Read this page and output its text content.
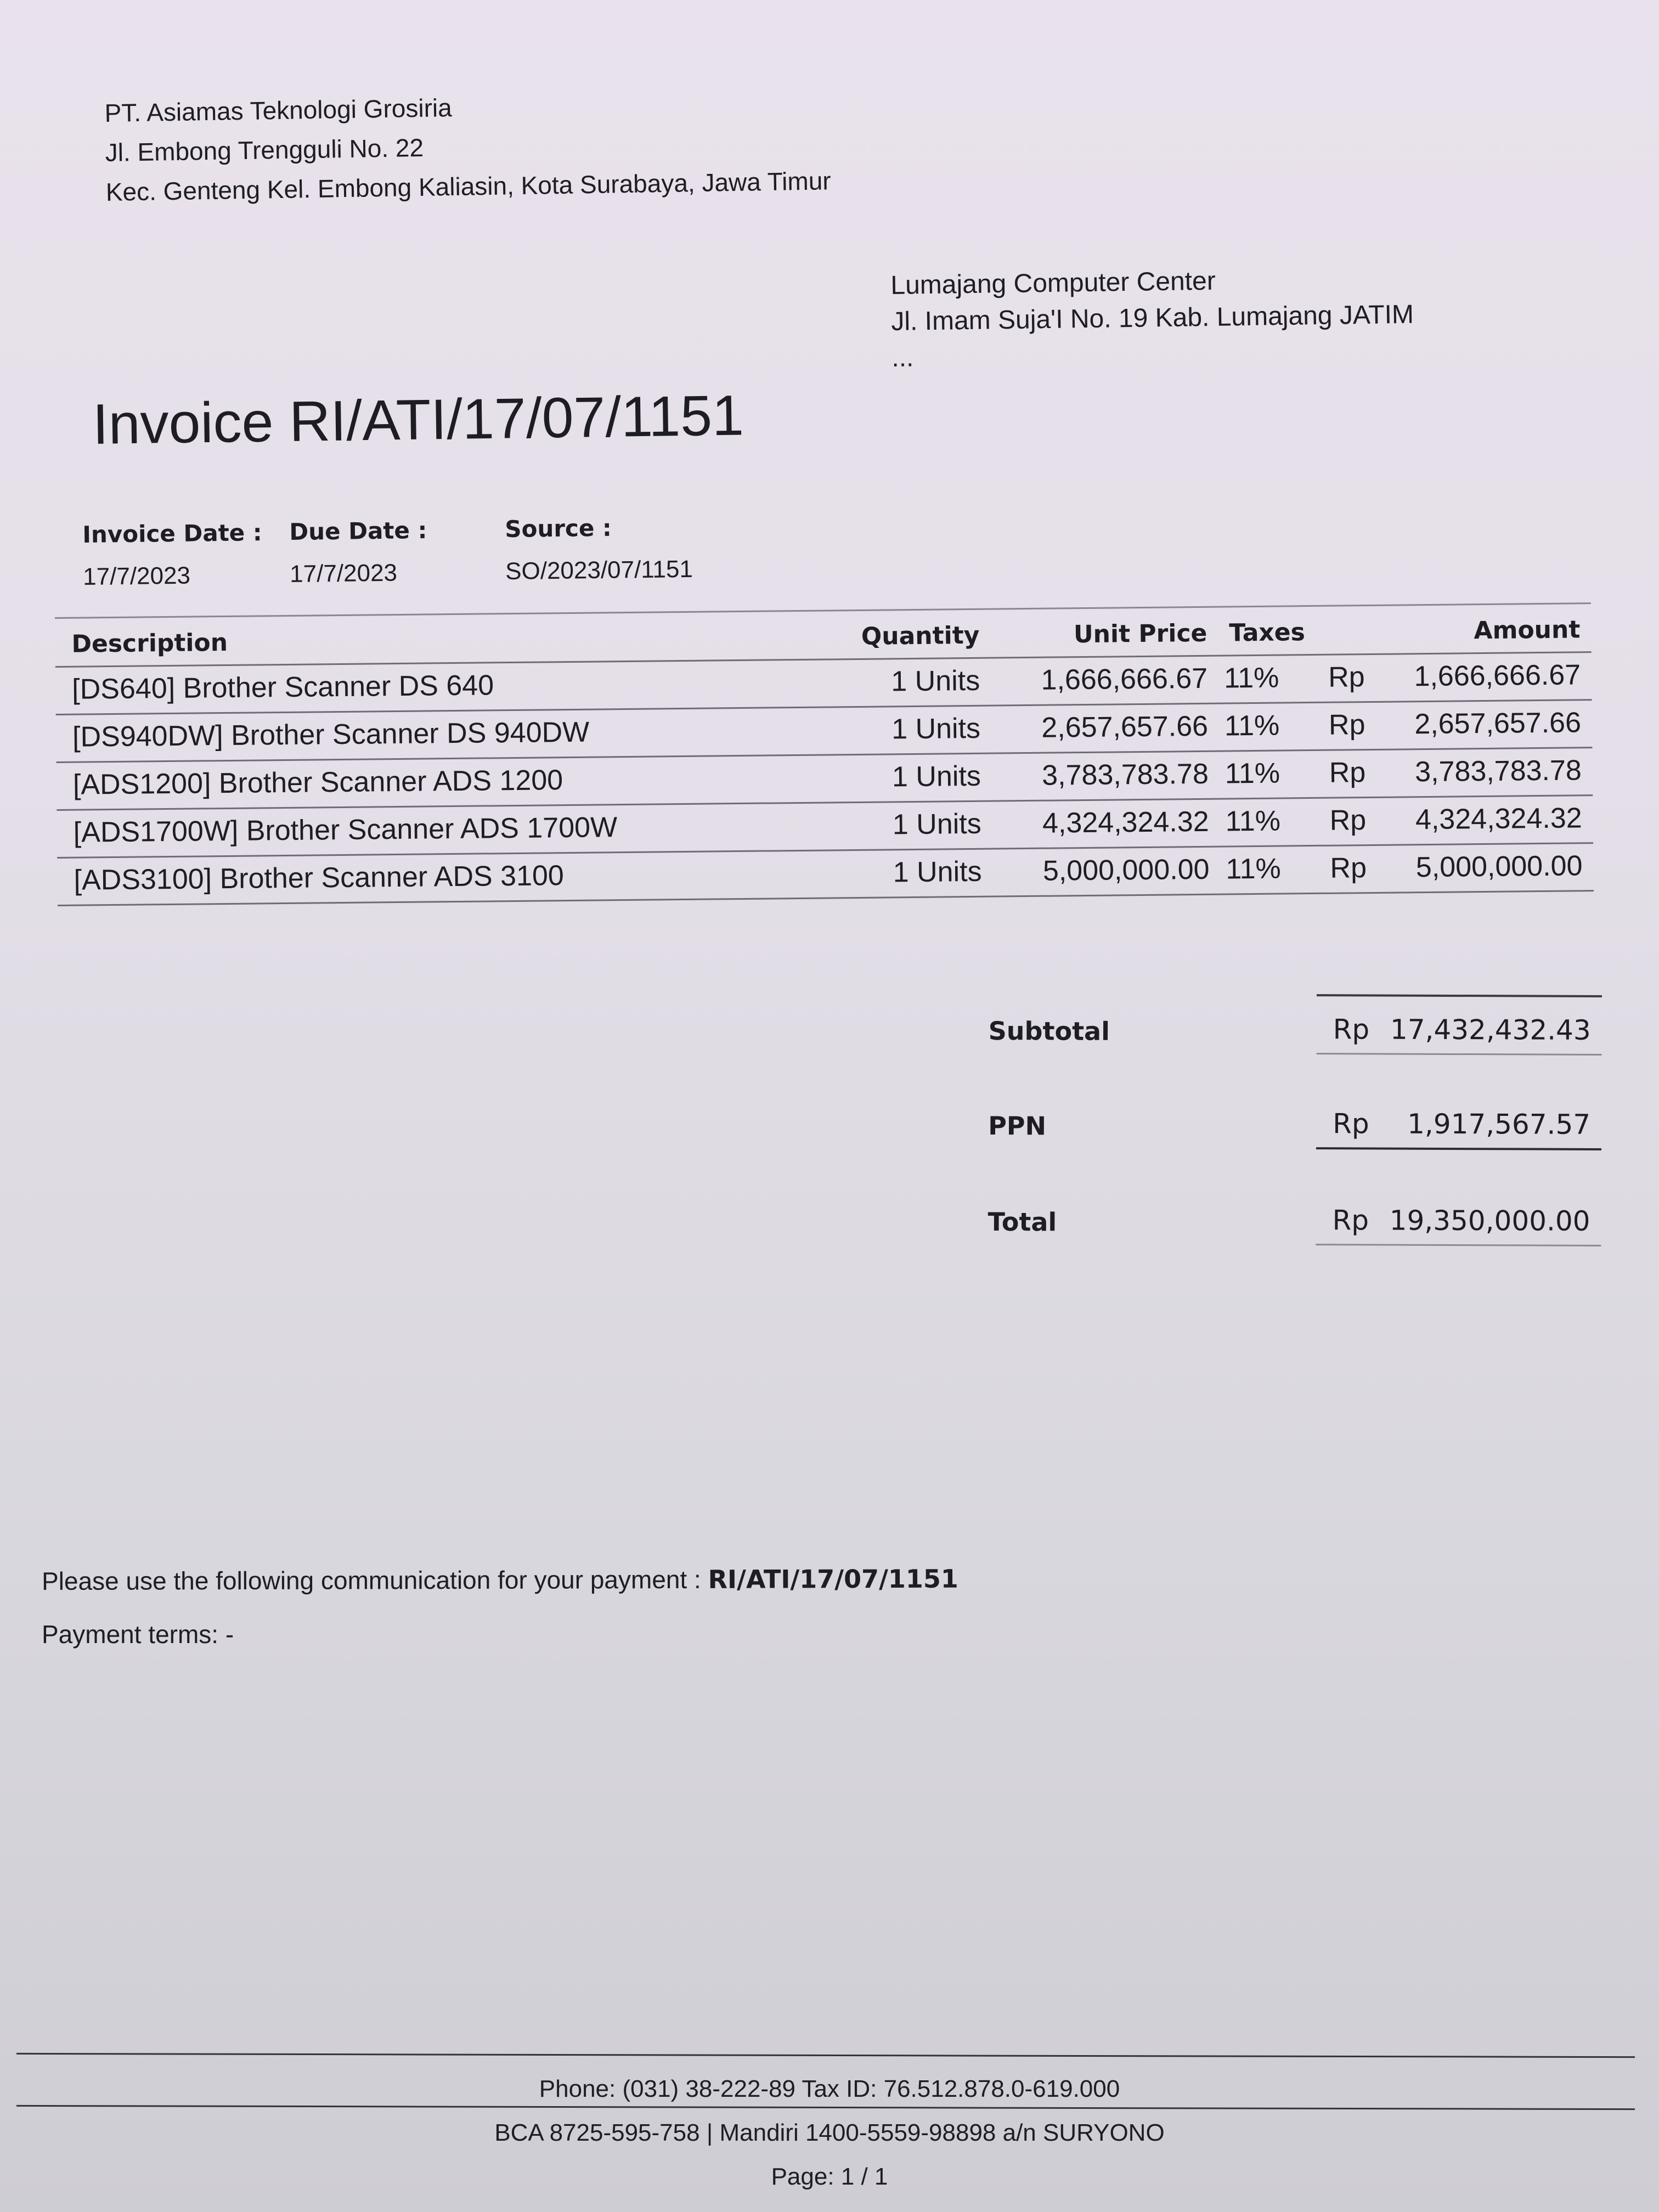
PT. Asiamas Teknologi Grosiria
Jl. Embong Trengguli No. 22
Kec. Genteng Kel. Embong Kaliasin, Kota Surabaya, Jawa Timur
Lumajang Computer Center
Jl. Imam Suja'I No. 19 Kab. Lumajang JATIM
...
Invoice RI/ATI/17/07/1151
Invoice Date :
17/7/2023
Due Date :
17/7/2023
Source :
SO/2023/07/1151
Description	Quantity	Unit Price Taxes	Amount
[DS640] Brother Scanner DS 640	1 Units 1,666,666.67 11% Rp 1,666,666.67
[DS940DW] Brother Scanner DS 940DW	1 Units 2,657,657.66 11% Rp 2,657,657.66
[ADS1200] Brother Scanner ADS 1200	1 Units 3,783,783.78 11% Rp 3,783,783.78
[ADS1700W] Brother Scanner ADS 1700W	1 Units 4,324,324.32 11% Rp 4,324,324.32
[ADS3100] Brother Scanner ADS 3100	1 Units 5,000,000.00 11% Rp 5,000,000.00
Subtotal	Rp 17,432,432.43
PPN	Rp 1,917,567.57
Total	Rp 19,350,000.00
Please use the following communication for your payment : RI/ATI/17/07/1151
Payment terms: -
Phone: (031) 38-222-89 Tax ID: 76.512.878.0-619.000
BCA 8725-595-758 | Mandiri 1400-5559-98898 a/n SURYONO
Page: 1 / 1
